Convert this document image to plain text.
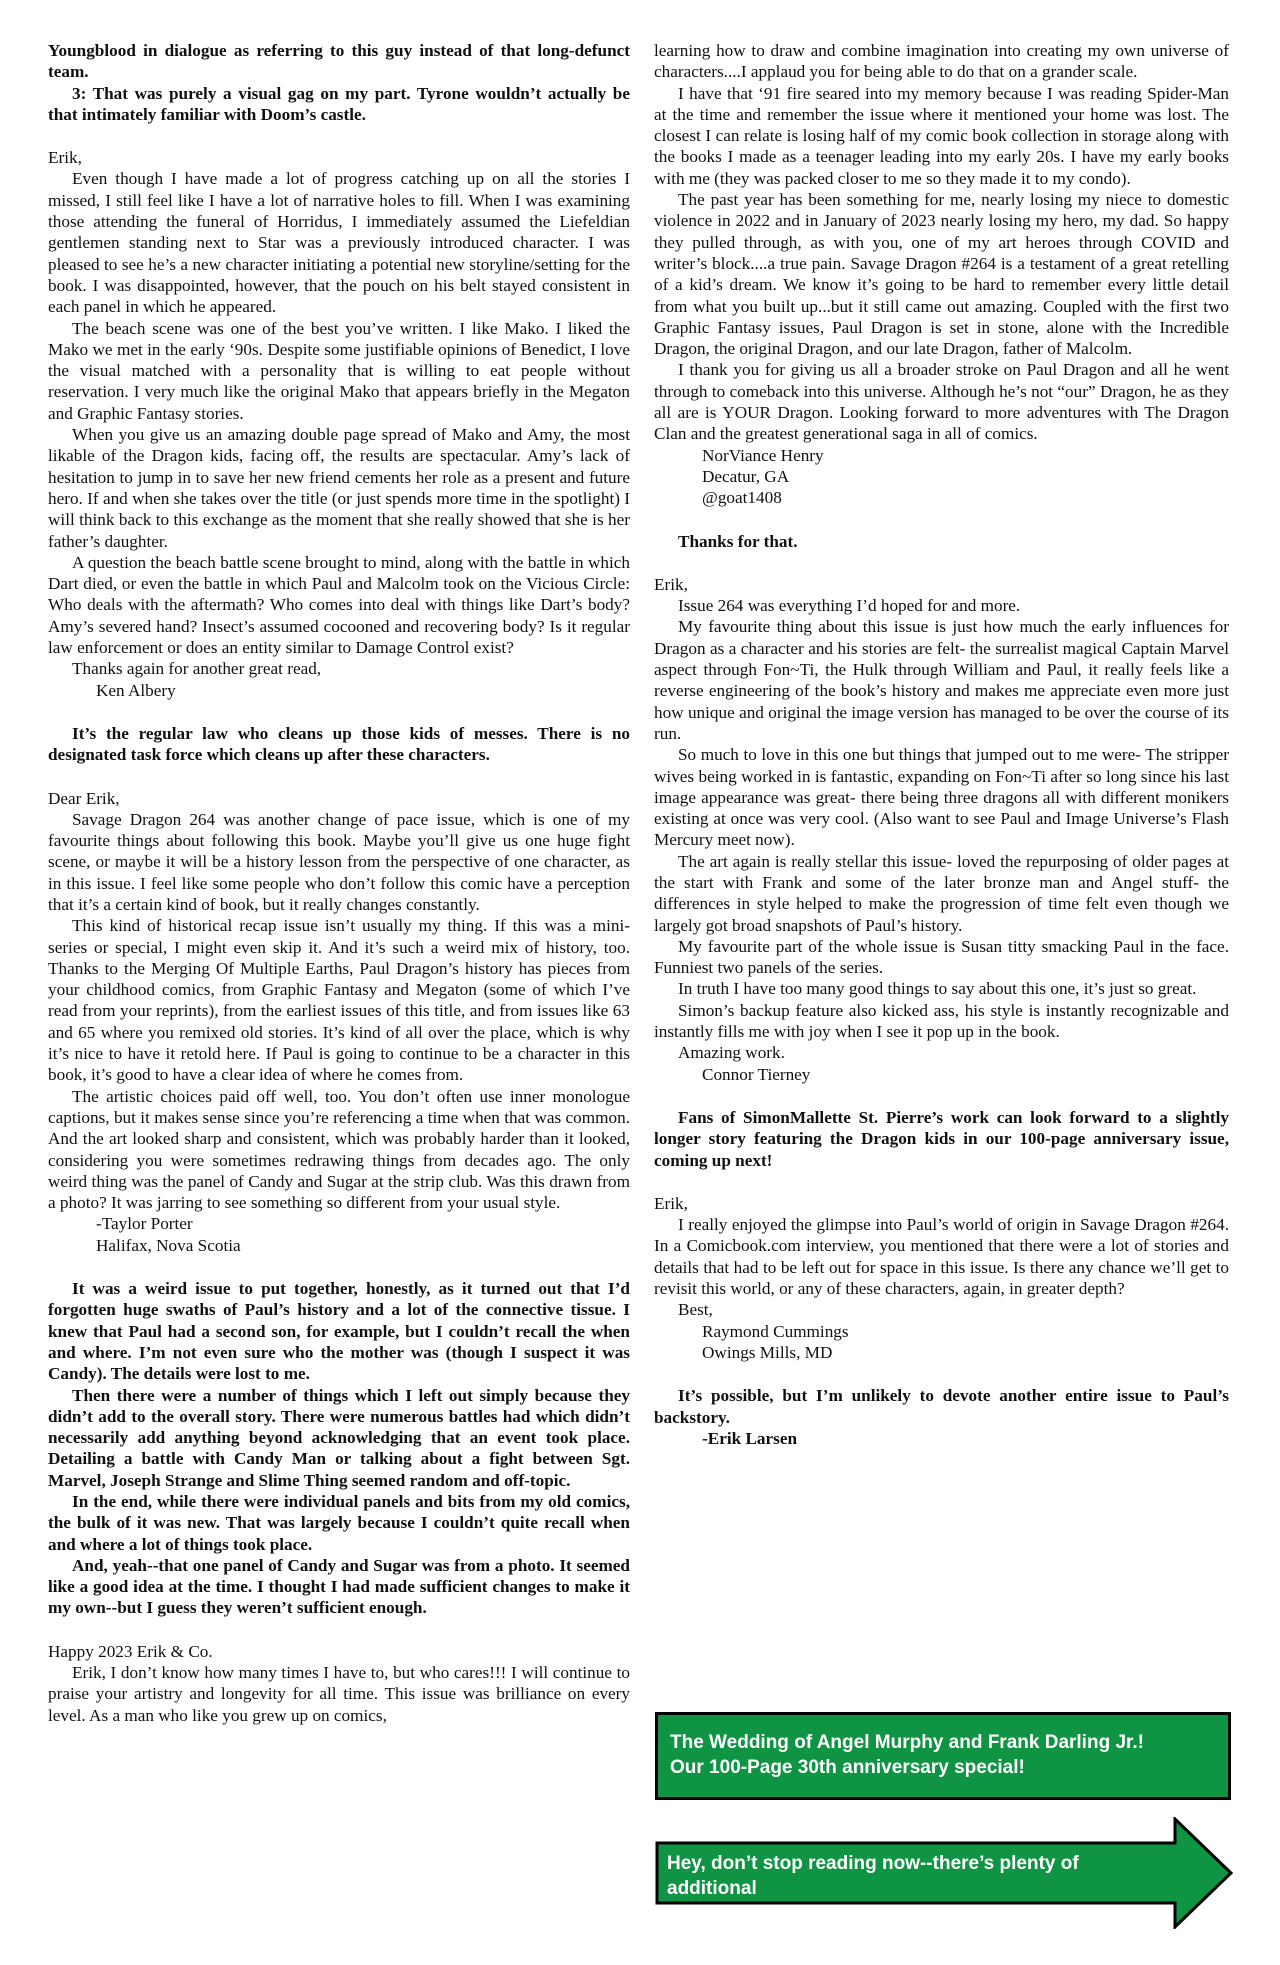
Youngblood in dialogue as referring to this guy instead of that long-defunct team.

3: That was purely a visual gag on my part. Tyrone wouldn’t actually be that intimately familiar with Doom’s castle.

Erik,

Even though I have made a lot of progress catching up on all the stories I missed, I still feel like I have a lot of narrative holes to fill. When I was examining those attending the funeral of Horridus, I immediately assumed the Liefeldian gentlemen standing next to Star was a previously introduced character. I was pleased to see he’s a new character initiating a potential new storyline/setting for the book. I was disappointed, however, that the pouch on his belt stayed consistent in each panel in which he appeared.

The beach scene was one of the best you’ve written. I like Mako. I liked the Mako we met in the early ‘90s. Despite some justifiable opinions of Benedict, I love the visual matched with a personality that is willing to eat people without reservation. I very much like the original Mako that appears briefly in the Megaton and Graphic Fantasy stories.

When you give us an amazing double page spread of Mako and Amy, the most likable of the Dragon kids, facing off, the results are spectacular. Amy’s lack of hesitation to jump in to save her new friend cements her role as a present and future hero. If and when she takes over the title (or just spends more time in the spotlight) I will think back to this exchange as the moment that she really showed that she is her father’s daughter.

A question the beach battle scene brought to mind, along with the battle in which Dart died, or even the battle in which Paul and Malcolm took on the Vicious Circle: Who deals with the aftermath? Who comes into deal with things like Dart’s body? Amy’s severed hand? Insect’s assumed cocooned and recovering body? Is it regular law enforcement or does an entity similar to Damage Control exist?

Thanks again for another great read,

Ken Albery

It’s the regular law who cleans up those kids of messes. There is no designated task force which cleans up after these characters.

Dear Erik,

Savage Dragon 264 was another change of pace issue, which is one of my favourite things about following this book. Maybe you’ll give us one huge fight scene, or maybe it will be a history lesson from the perspective of one character, as in this issue. I feel like some people who don’t follow this comic have a perception that it’s a certain kind of book, but it really changes constantly.

This kind of historical recap issue isn’t usually my thing. If this was a mini-series or special, I might even skip it. And it’s such a weird mix of history, too. Thanks to the Merging Of Multiple Earths, Paul Dragon’s history has pieces from your childhood comics, from Graphic Fantasy and Megaton (some of which I’ve read from your reprints), from the earliest issues of this title, and from issues like 63 and 65 where you remixed old stories. It’s kind of all over the place, which is why it’s nice to have it retold here. If Paul is going to continue to be a character in this book, it’s good to have a clear idea of where he comes from.

The artistic choices paid off well, too. You don’t often use inner monologue captions, but it makes sense since you’re referencing a time when that was common. And the art looked sharp and consistent, which was probably harder than it looked, considering you were sometimes redrawing things from decades ago. The only weird thing was the panel of Candy and Sugar at the strip club. Was this drawn from a photo? It was jarring to see something so different from your usual style.

-Taylor Porter

Halifax, Nova Scotia

It was a weird issue to put together, honestly, as it turned out that I’d forgotten huge swaths of Paul’s history and a lot of the connective tissue. I knew that Paul had a second son, for example, but I couldn’t recall the when and where. I’m not even sure who the mother was (though I suspect it was Candy). The details were lost to me.

Then there were a number of things which I left out simply because they didn’t add to the overall story. There were numerous battles had which didn’t necessarily add anything beyond acknowledging that an event took place. Detailing a battle with Candy Man or talking about a fight between Sgt. Marvel, Joseph Strange and Slime Thing seemed random and off-topic.

In the end, while there were individual panels and bits from my old comics, the bulk of it was new. That was largely because I couldn’t quite recall when and where a lot of things took place.

And, yeah--that one panel of Candy and Sugar was from a photo. It seemed like a good idea at the time. I thought I had made sufficient changes to make it my own--but I guess they weren’t sufficient enough.

Happy 2023 Erik & Co.

Erik, I don’t know how many times I have to, but who cares!!! I will continue to praise your artistry and longevity for all time. This issue was brilliance on every level. As a man who like you grew up on comics,

learning how to draw and combine imagination into creating my own universe of characters....I applaud you for being able to do that on a grander scale.

I have that ‘91 fire seared into my memory because I was reading Spider-Man at the time and remember the issue where it mentioned your home was lost. The closest I can relate is losing half of my comic book collection in storage along with the books I made as a teenager leading into my early 20s. I have my early books with me (they was packed closer to me so they made it to my condo).

The past year has been something for me, nearly losing my niece to domestic violence in 2022 and in January of 2023 nearly losing my hero, my dad. So happy they pulled through, as with you, one of my art heroes through COVID and writer’s block....a true pain. Savage Dragon #264 is a testament of a great retelling of a kid’s dream. We know it’s going to be hard to remember every little detail from what you built up...but it still came out amazing. Coupled with the first two Graphic Fantasy issues, Paul Dragon is set in stone, alone with the Incredible Dragon, the original Dragon, and our late Dragon, father of Malcolm.

I thank you for giving us all a broader stroke on Paul Dragon and all he went through to comeback into this universe. Although he’s not “our” Dragon, he as they all are is YOUR Dragon. Looking forward to more adventures with The Dragon Clan and the greatest generational saga in all of comics.

NorViance Henry

Decatur, GA

@goat1408

Thanks for that.

Erik,

Issue 264 was everything I’d hoped for and more.

My favourite thing about this issue is just how much the early influences for Dragon as a character and his stories are felt- the surrealist magical Captain Marvel aspect through Fon~Ti, the Hulk through William and Paul, it really feels like a reverse engineering of the book’s history and makes me appreciate even more just how unique and original the image version has managed to be over the course of its run.

So much to love in this one but things that jumped out to me were- The stripper wives being worked in is fantastic, expanding on Fon~Ti after so long since his last image appearance was great- there being three dragons all with different monikers existing at once was very cool. (Also want to see Paul and Image Universe’s Flash Mercury meet now).

The art again is really stellar this issue- loved the repurposing of older pages at the start with Frank and some of the later bronze man and Angel stuff- the differences in style helped to make the progression of time felt even though we largely got broad snapshots of Paul’s history.

My favourite part of the whole issue is Susan titty smacking Paul in the face. Funniest two panels of the series.

In truth I have too many good things to say about this one, it’s just so great.

Simon’s backup feature also kicked ass, his style is instantly recognizable and instantly fills me with joy when I see it pop up in the book.

Amazing work.

Connor Tierney

Fans of SimonMallette St. Pierre’s work can look forward to a slightly longer story featuring the Dragon kids in our 100-page anniversary issue, coming up next!

Erik,

I really enjoyed the glimpse into Paul’s world of origin in Savage Dragon #264. In a Comicbook.com interview, you mentioned that there were a lot of stories and details that had to be left out for space in this issue. Is there any chance we’ll get to revisit this world, or any of these characters, again, in greater depth?

Best,

Raymond Cummings

Owings Mills, MD

It’s possible, but I’m unlikely to devote another entire issue to Paul’s backstory.

-Erik Larsen

The Wedding of Angel Murphy and Frank Darling Jr.!
Our 100-Page 30th anniversary special!
Hey, don’t stop reading now--there’s plenty of additional
funnybook fun to be had in the pages that follow--!
